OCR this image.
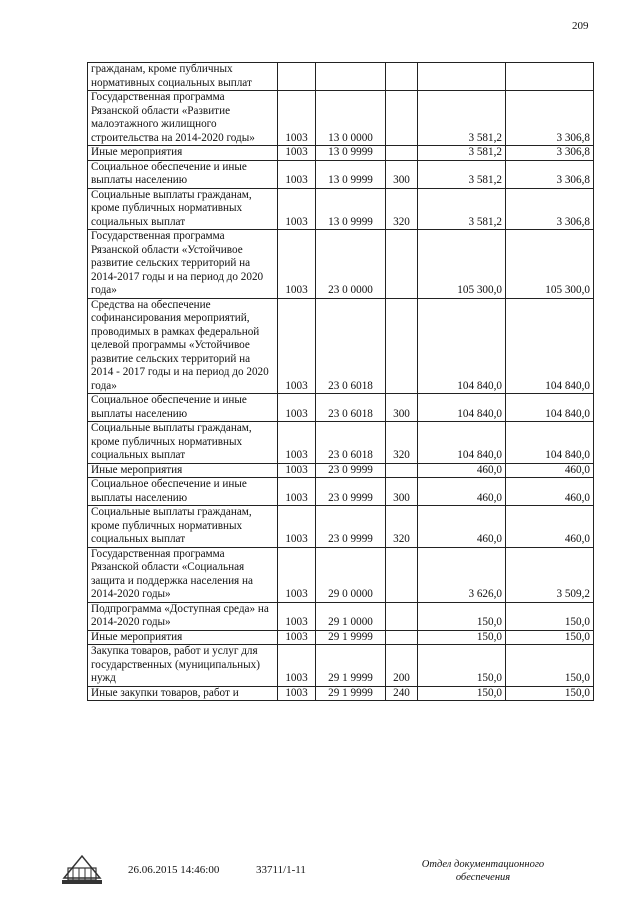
209
гражданам, кроме публичных нормативных социальных выплат					
Государственная программа Рязанской области «Развитие малоэтажного жилищного строительства на 2014-2020 годы»	1003	13 0 0000		3 581,2	3 306,8
Иные мероприятия	1003	13 0 9999		3 581,2	3 306,8
Социальное обеспечение и иные выплаты населению	1003	13 0 9999	300	3 581,2	3 306,8
Социальные выплаты гражданам, кроме публичных нормативных социальных выплат	1003	13 0 9999	320	3 581,2	3 306,8
Государственная программа Рязанской области «Устойчивое развитие сельских территорий на 2014-2017 годы и на период до 2020 года»	1003	23 0 0000		105 300,0	105 300,0
Средства на обеспечение софинансирования мероприятий, проводимых в рамках федеральной целевой программы «Устойчивое развитие сельских территорий на 2014 - 2017 годы и на период до 2020 года»	1003	23 0 6018		104 840,0	104 840,0
Социальное обеспечение и иные выплаты населению	1003	23 0 6018	300	104 840,0	104 840,0
Социальные выплаты гражданам, кроме публичных нормативных социальных выплат	1003	23 0 6018	320	104 840,0	104 840,0
Иные мероприятия	1003	23 0 9999		460,0	460,0
Социальное обеспечение и иные выплаты населению	1003	23 0 9999	300	460,0	460,0
Социальные выплаты гражданам, кроме публичных нормативных социальных выплат	1003	23 0 9999	320	460,0	460,0
Государственная программа Рязанской области «Социальная защита и поддержка населения на 2014-2020 годы»	1003	29 0 0000		3 626,0	3 509,2
Подпрограмма «Доступная среда» на 2014-2020 годы»	1003	29 1 0000		150,0	150,0
Иные мероприятия	1003	29 1 9999		150,0	150,0
Закупка товаров, работ и услуг для государственных (муниципальных) нужд	1003	29 1 9999	200	150,0	150,0
Иные закупки товаров, работ и	1003	29 1 9999	240	150,0	150,0
26.06.2015 14:46:00	33711/1-11	Отдел документационного
обеспечения
